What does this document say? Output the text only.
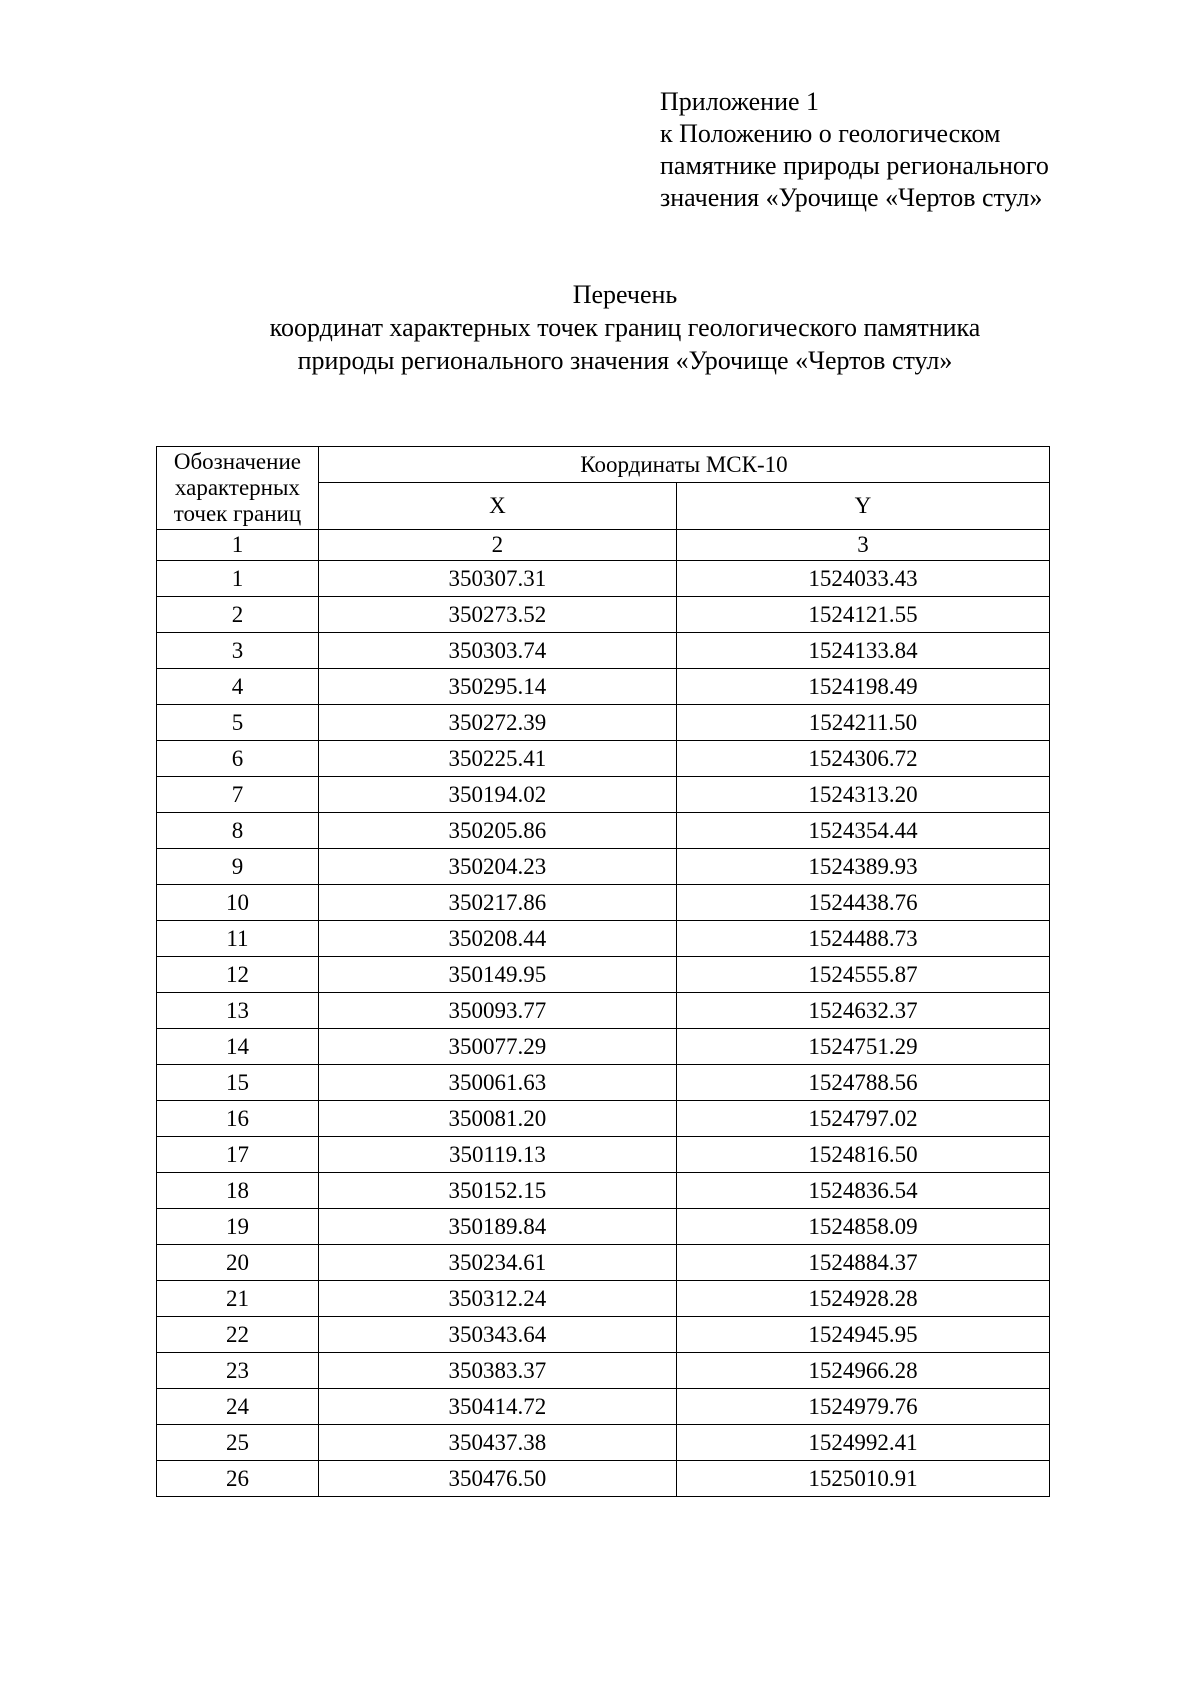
Приложение 1
к Положению о геологическом
памятнике природы регионального
значения «Урочище «Чертов стул»
Перечень
координат характерных точек границ геологического памятника
природы регионального значения «Урочище «Чертов стул»
Обозначение
характерных
точек границ	Координаты МСК-10	
	X	Y
1	2	3
1	350307.31	1524033.43
2	350273.52	1524121.55
3	350303.74	1524133.84
4	350295.14	1524198.49
5	350272.39	1524211.50
6	350225.41	1524306.72
7	350194.02	1524313.20
8	350205.86	1524354.44
9	350204.23	1524389.93
10	350217.86	1524438.76
11	350208.44	1524488.73
12	350149.95	1524555.87
13	350093.77	1524632.37
14	350077.29	1524751.29
15	350061.63	1524788.56
16	350081.20	1524797.02
17	350119.13	1524816.50
18	350152.15	1524836.54
19	350189.84	1524858.09
20	350234.61	1524884.37
21	350312.24	1524928.28
22	350343.64	1524945.95
23	350383.37	1524966.28
24	350414.72	1524979.76
25	350437.38	1524992.41
26	350476.50	1525010.91
